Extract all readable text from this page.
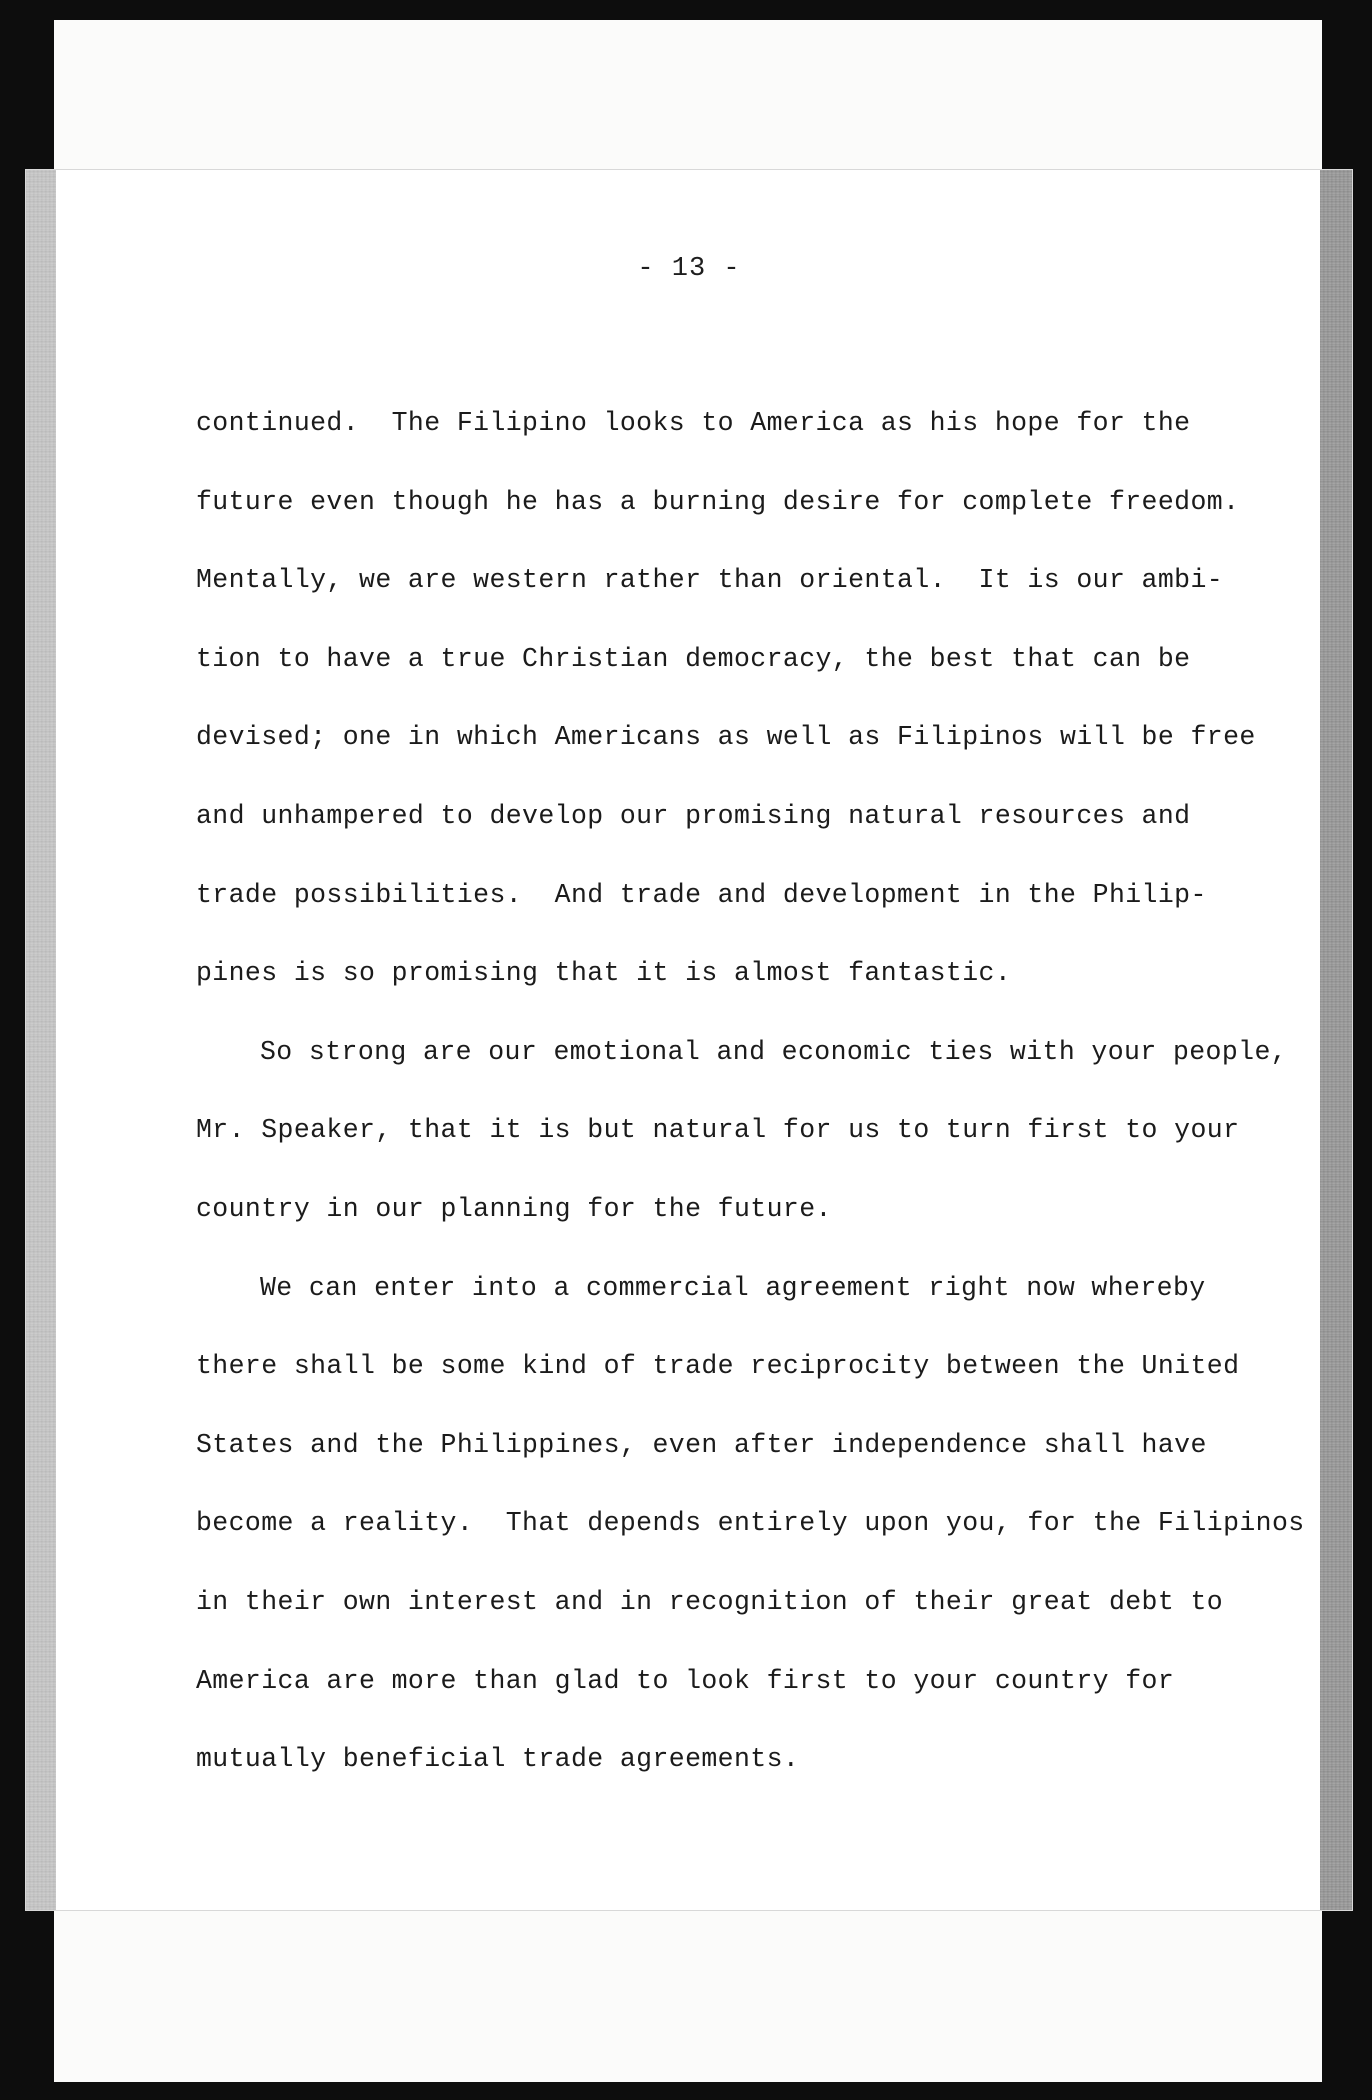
- 13 -
continued.  The Filipino looks to America as his hope for the
future even though he has a burning desire for complete freedom.
Mentally, we are western rather than oriental.  It is our ambi-
tion to have a true Christian democracy, the best that can be
devised; one in which Americans as well as Filipinos will be free
and unhampered to develop our promising natural resources and
trade possibilities.  And trade and development in the Philip-
pines is so promising that it is almost fantastic.
So strong are our emotional and economic ties with your people,
Mr. Speaker, that it is but natural for us to turn first to your
country in our planning for the future.
We can enter into a commercial agreement right now whereby
there shall be some kind of trade reciprocity between the United
States and the Philippines, even after independence shall have
become a reality.  That depends entirely upon you, for the Filipinos
in their own interest and in recognition of their great debt to
America are more than glad to look first to your country for
mutually beneficial trade agreements.
